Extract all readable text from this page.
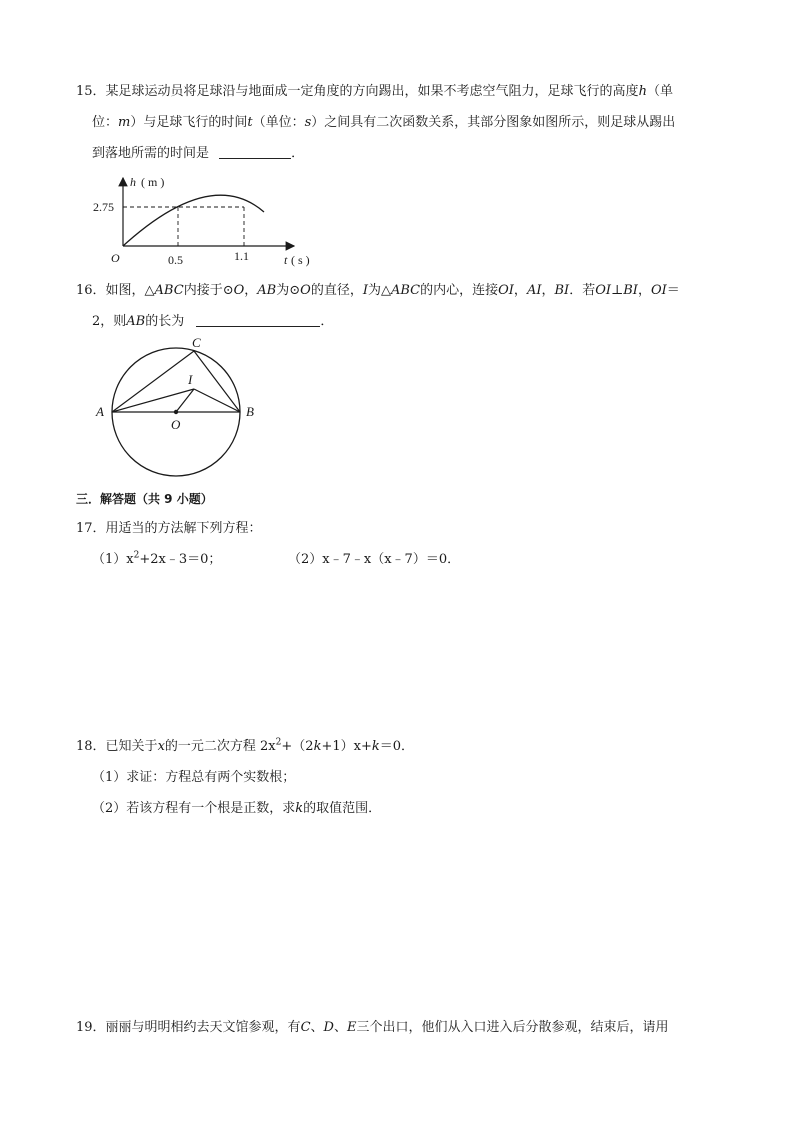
15．某足球运动员将足球沿与地面成一定角度的方向踢出，如果不考虑空气阻力，足球飞行的高度h（单
位：m）与足球飞行的时间t（单位：s）之间具有二次函数关系，其部分图象如图所示，则足球从踢出
到落地所需的时间是	．
h ( m )
2.75
O	0.5	1.1	t ( s )
16．如图，△ABC内接于⊙O，AB为⊙O的直径，I为△ABC的内心，连接OI，AI，BI．若OI⊥BI，OI＝
2，则AB的长为	．
A	B
C
I
O
三．解答题（共 9 小题）
17．用适当的方法解下列方程：
$(1)x^2+2x﹣3=0$；	（2）x﹣7﹣x（x﹣7）＝0．
18．已知关于x的一元二次方程 $2x^2+(2k+1)x+k=0$．
（1）求证：方程总有两个实数根；
（2）若该方程有一个根是正数，求k的取值范围．
19．丽丽与明明相约去天文馆参观，有C、D、E三个出口，他们从入口进入后分散参观，结束后，请用
